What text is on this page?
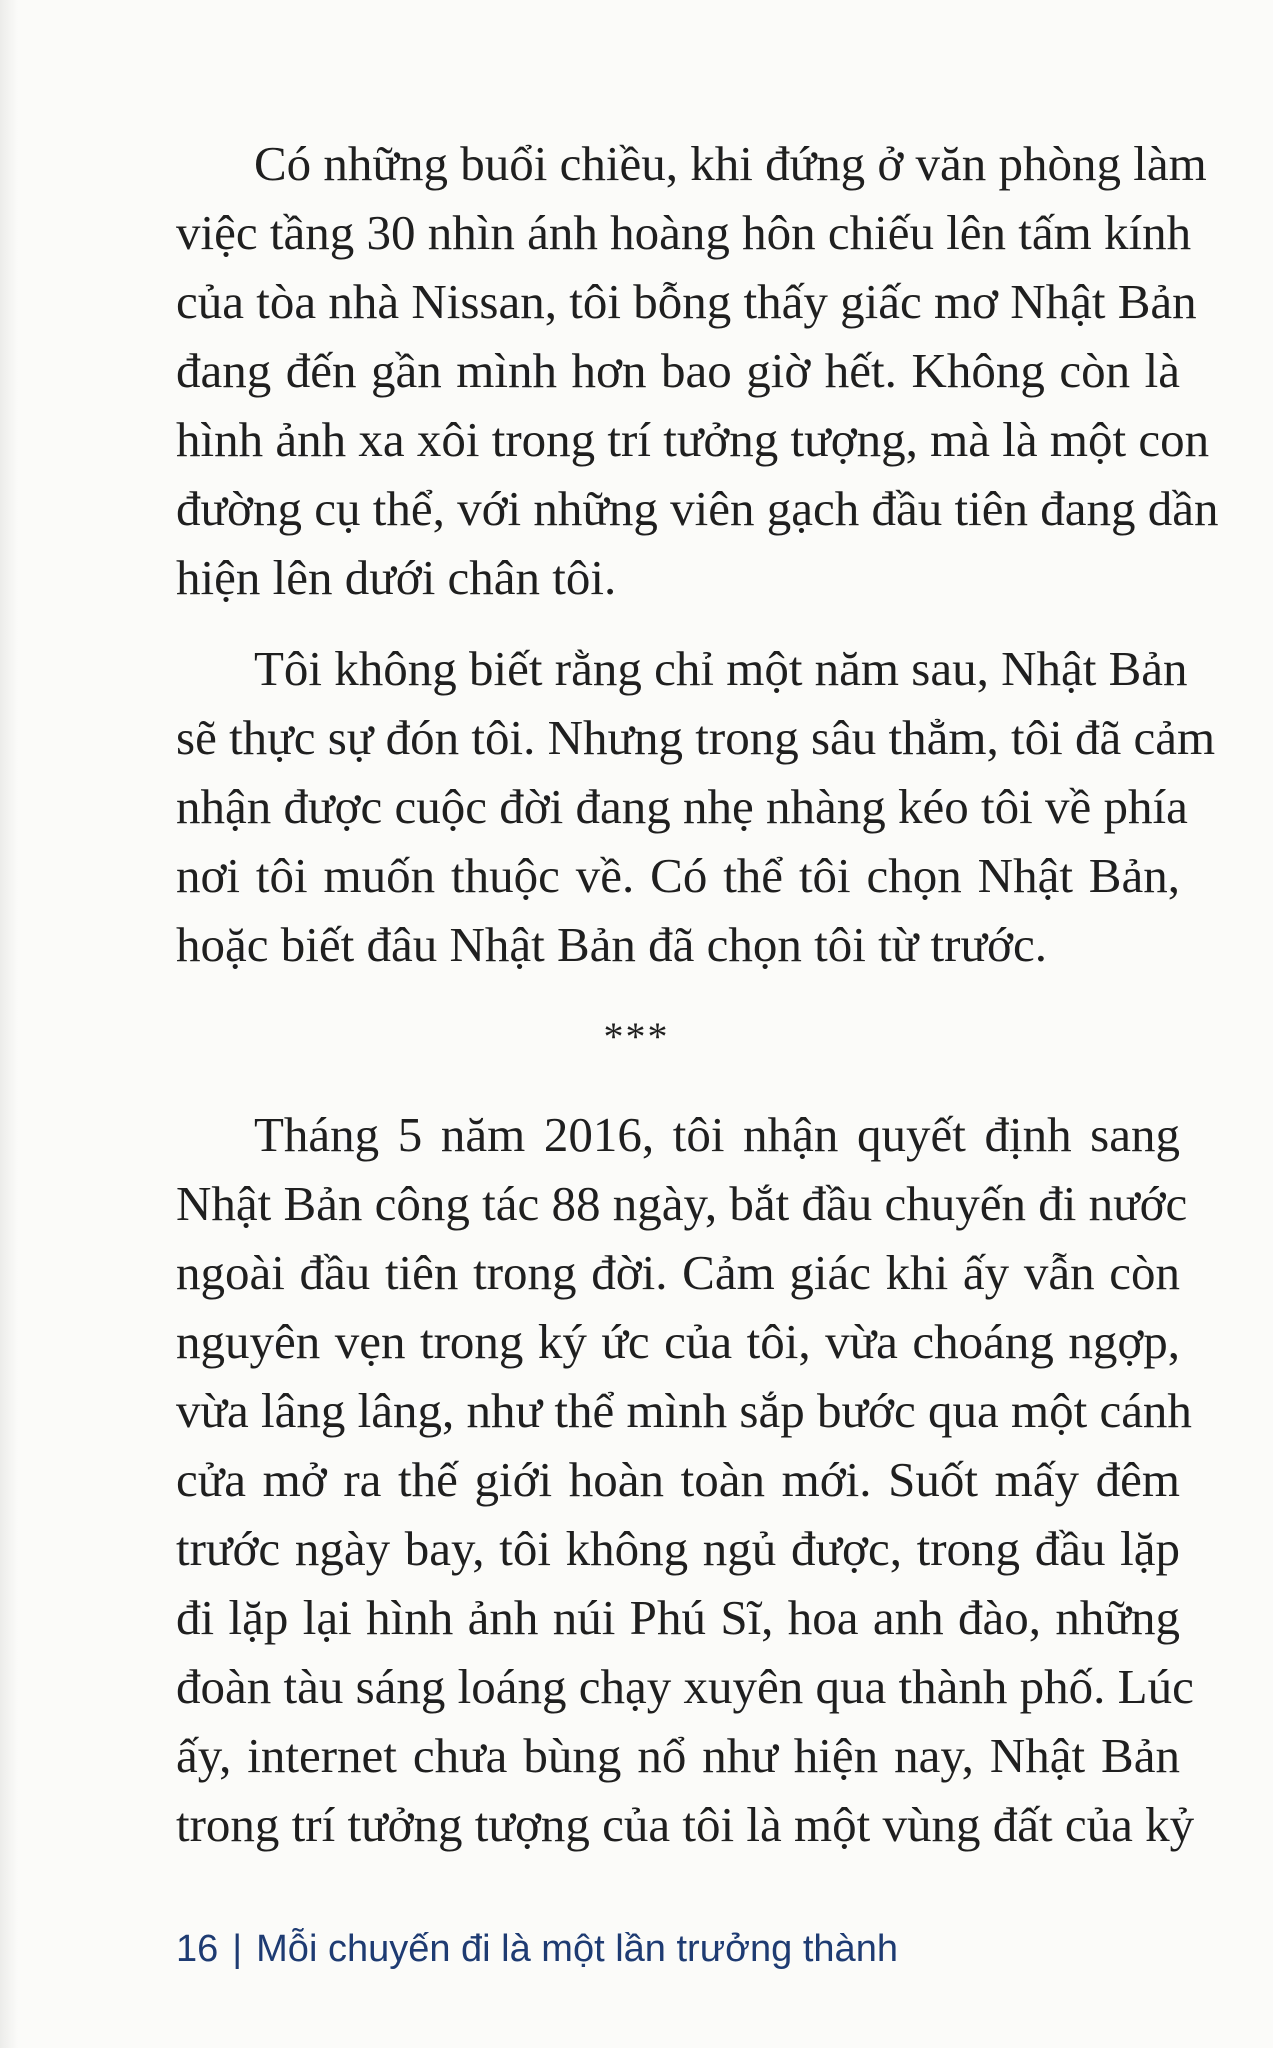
Có những buổi chiều, khi đứng ở văn phòng làm
việc tầng 30 nhìn ánh hoàng hôn chiếu lên tấm kính
của tòa nhà Nissan, tôi bỗng thấy giấc mơ Nhật Bản
đang đến gần mình hơn bao giờ hết. Không còn là
hình ảnh xa xôi trong trí tưởng tượng, mà là một con
đường cụ thể, với những viên gạch đầu tiên đang dần
hiện lên dưới chân tôi.
Tôi không biết rằng chỉ một năm sau, Nhật Bản
sẽ thực sự đón tôi. Nhưng trong sâu thẳm, tôi đã cảm
nhận được cuộc đời đang nhẹ nhàng kéo tôi về phía
nơi tôi muốn thuộc về. Có thể tôi chọn Nhật Bản,
hoặc biết đâu Nhật Bản đã chọn tôi từ trước.
***
Tháng 5 năm 2016, tôi nhận quyết định sang
Nhật Bản công tác 88 ngày, bắt đầu chuyến đi nước
ngoài đầu tiên trong đời. Cảm giác khi ấy vẫn còn
nguyên vẹn trong ký ức của tôi, vừa choáng ngợp,
vừa lâng lâng, như thể mình sắp bước qua một cánh
cửa mở ra thế giới hoàn toàn mới. Suốt mấy đêm
trước ngày bay, tôi không ngủ được, trong đầu lặp
đi lặp lại hình ảnh núi Phú Sĩ, hoa anh đào, những
đoàn tàu sáng loáng chạy xuyên qua thành phố. Lúc
ấy, internet chưa bùng nổ như hiện nay, Nhật Bản
trong trí tưởng tượng của tôi là một vùng đất của kỷ
16 | Mỗi chuyến đi là một lần trưởng thành
